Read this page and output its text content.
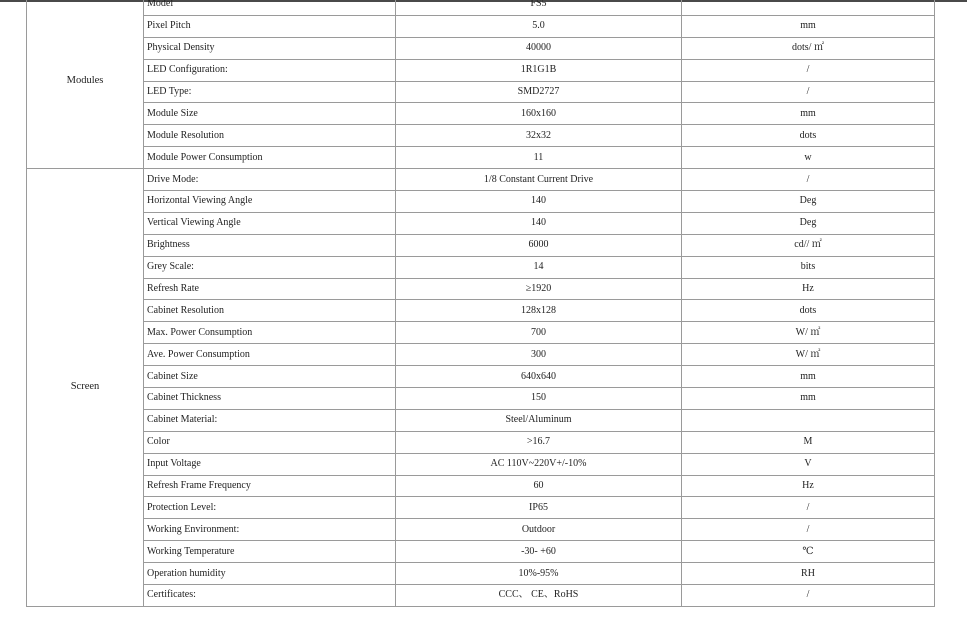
Modules	Model	FS5	
	Pixel Pitch	5.0	mm
	Physical Density	40000	dots/ ㎡
	LED Configuration:	1R1G1B	/
	LED Type:	SMD2727	/
	Module Size	160x160	mm
	Module Resolution	32x32	dots
	Module Power Consumption	11	w
Screen	Drive Mode:	1/8 Constant Current Drive	/
	Horizontal Viewing Angle	140	Deg
	Vertical Viewing Angle	140	Deg
	Brightness	6000	cd// ㎡
	Grey Scale:	14	bits
	Refresh Rate	≥1920	Hz
	Cabinet Resolution	128x128	dots
	Max. Power Consumption	700	W/ ㎡
	Ave. Power Consumption	300	W/ ㎡
	Cabinet Size	640x640	mm
	Cabinet Thickness	150	mm
	Cabinet Material:	Steel/Aluminum	
	Color	>16.7	M
	Input Voltage	AC 110V~220V+/-10%	V
	Refresh Frame Frequency	60	Hz
	Protection Level:	IP65	/
	Working Environment:	Outdoor	/
	Working Temperature	-30- +60	℃
	Operation humidity	10%-95%	RH
	Certificates:	CCC、 CE、RoHS	/
